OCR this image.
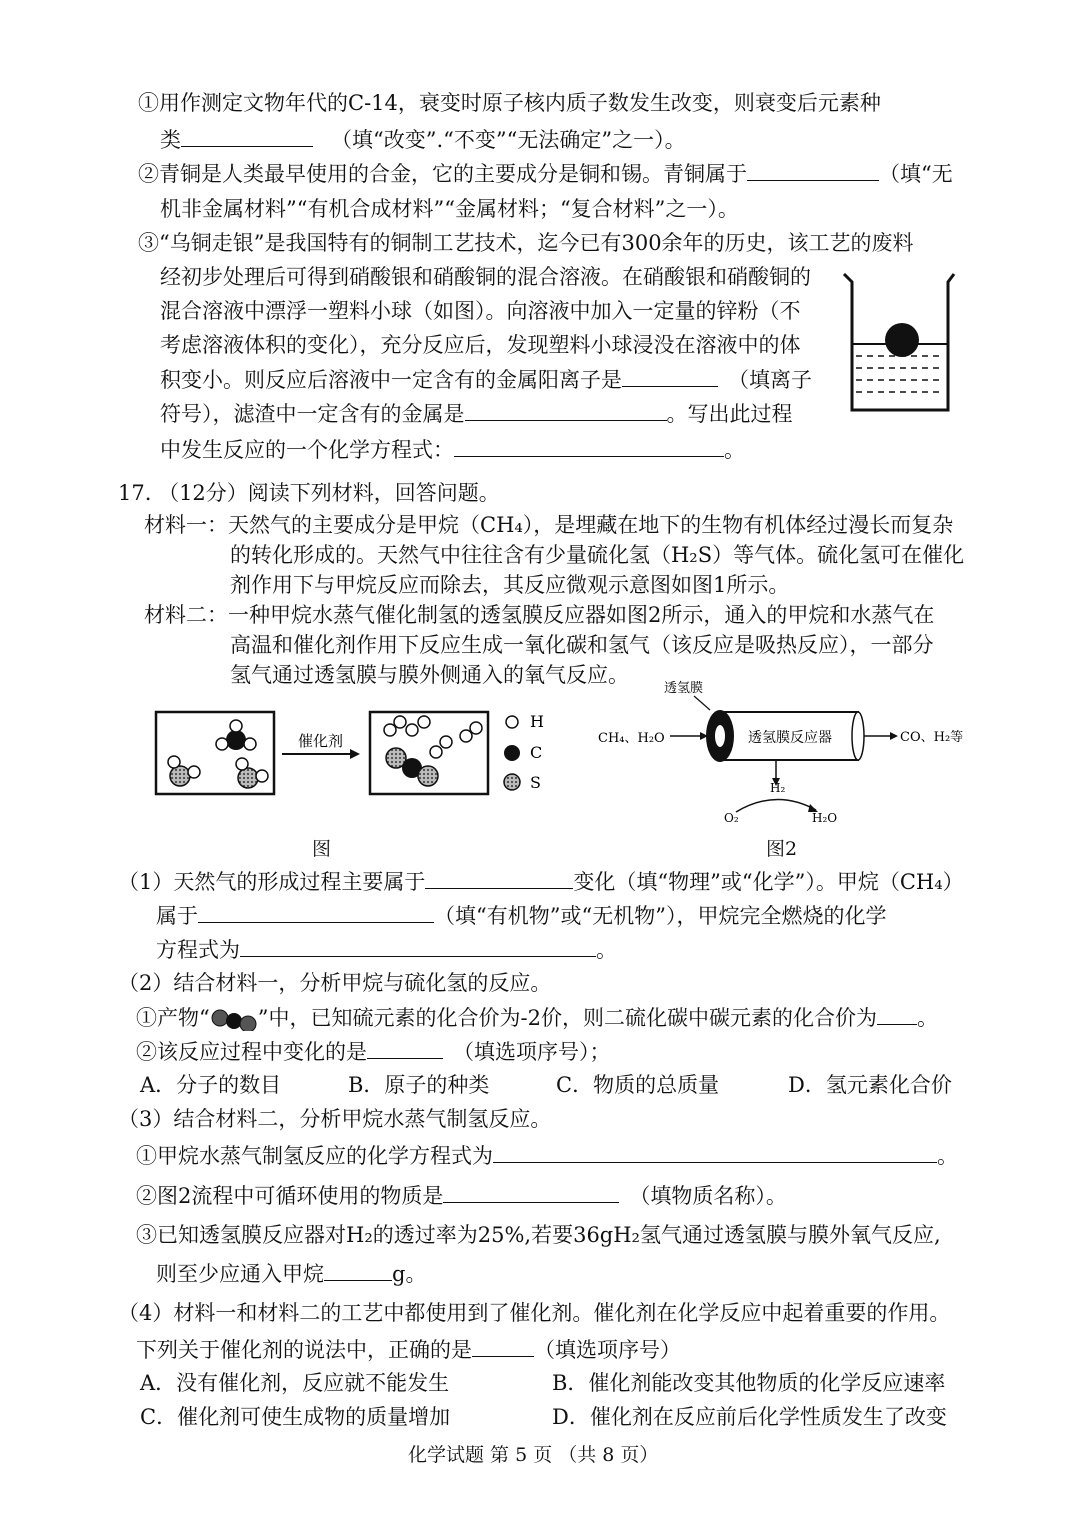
①用作测定文物年代的C-14，衰变时原子核内质子数发生改变，则衰变后元素种
类	（填“改变”.“不变”“无法确定”之一）。
②青铜是人类最早使用的合金，它的主要成分是铜和锡。青铜属于	（填“无
机非金属材料”“有机合成材料”“金属材料；“复合材料”之一）。
③“乌铜走银”是我国特有的铜制工艺技术，迄今已有300余年的历史，该工艺的废料
经初步处理后可得到硝酸银和硝酸铜的混合溶液。在硝酸银和硝酸铜的
混合溶液中漂浮一塑料小球（如图）。向溶液中加入一定量的锌粉（不
考虑溶液体积的变化），充分反应后，发现塑料小球浸没在溶液中的体
积变小。则反应后溶液中一定含有的金属阳离子是	（填离子
符号），滤渣中一定含有的金属是	。写出此过程
中发生反应的一个化学方程式：	。
17. （12分）阅读下列材料，回答问题。
材料一：天然气的主要成分是甲烷（CH₄），是埋藏在地下的生物有机体经过漫长而复杂
的转化形成的。天然气中往往含有少量硫化氢（H₂S）等气体。硫化氢可在催化
剂作用下与甲烷反应而除去，其反应微观示意图如图1所示。
材料二：一种甲烷水蒸气催化制氢的透氢膜反应器如图2所示，通入的甲烷和水蒸气在
高温和催化剂作用下反应生成一氧化碳和氢气（该反应是吸热反应），一部分
氢气通过透氢膜与膜外侧通入的氧气反应。
催化剂
H
C
S
图
透氢膜
CH₄、H₂O	透氢膜反应器	CO、H₂等
H₂
O₂	H₂O
图2
（1）天然气的形成过程主要属于	变化（填“物理”或“化学”）。甲烷（CH₄）
属于	（填“有机物”或“无机物”），甲烷完全燃烧的化学
方程式为	。
（2）结合材料一，分析甲烷与硫化氢的反应。
①产物“ ”中，已知硫元素的化合价为-2价，则二硫化碳中碳元素的化合价为 。
②该反应过程中变化的是	（填选项序号）；
A．分子的数目	B．原子的种类	C．物质的总质量	D．氢元素化合价
（3）结合材料二，分析甲烷水蒸气制氢反应。
①甲烷水蒸气制氢反应的化学方程式为	。
②图2流程中可循环使用的物质是	（填物质名称）。
③已知透氢膜反应器对H₂的透过率为25%,若要36gH₂氢气通过透氢膜与膜外氧气反应,
则至少应通入甲烷	g。
（4）材料一和材料二的工艺中都使用到了催化剂。催化剂在化学反应中起着重要的作用。
下列关于催化剂的说法中，正确的是	（填选项序号）
A．没有催化剂，反应就不能发生	B．催化剂能改变其他物质的化学反应速率
C．催化剂可使生成物的质量增加	D．催化剂在反应前后化学性质发生了改变
化学试题 第 5 页 （共 8 页）
